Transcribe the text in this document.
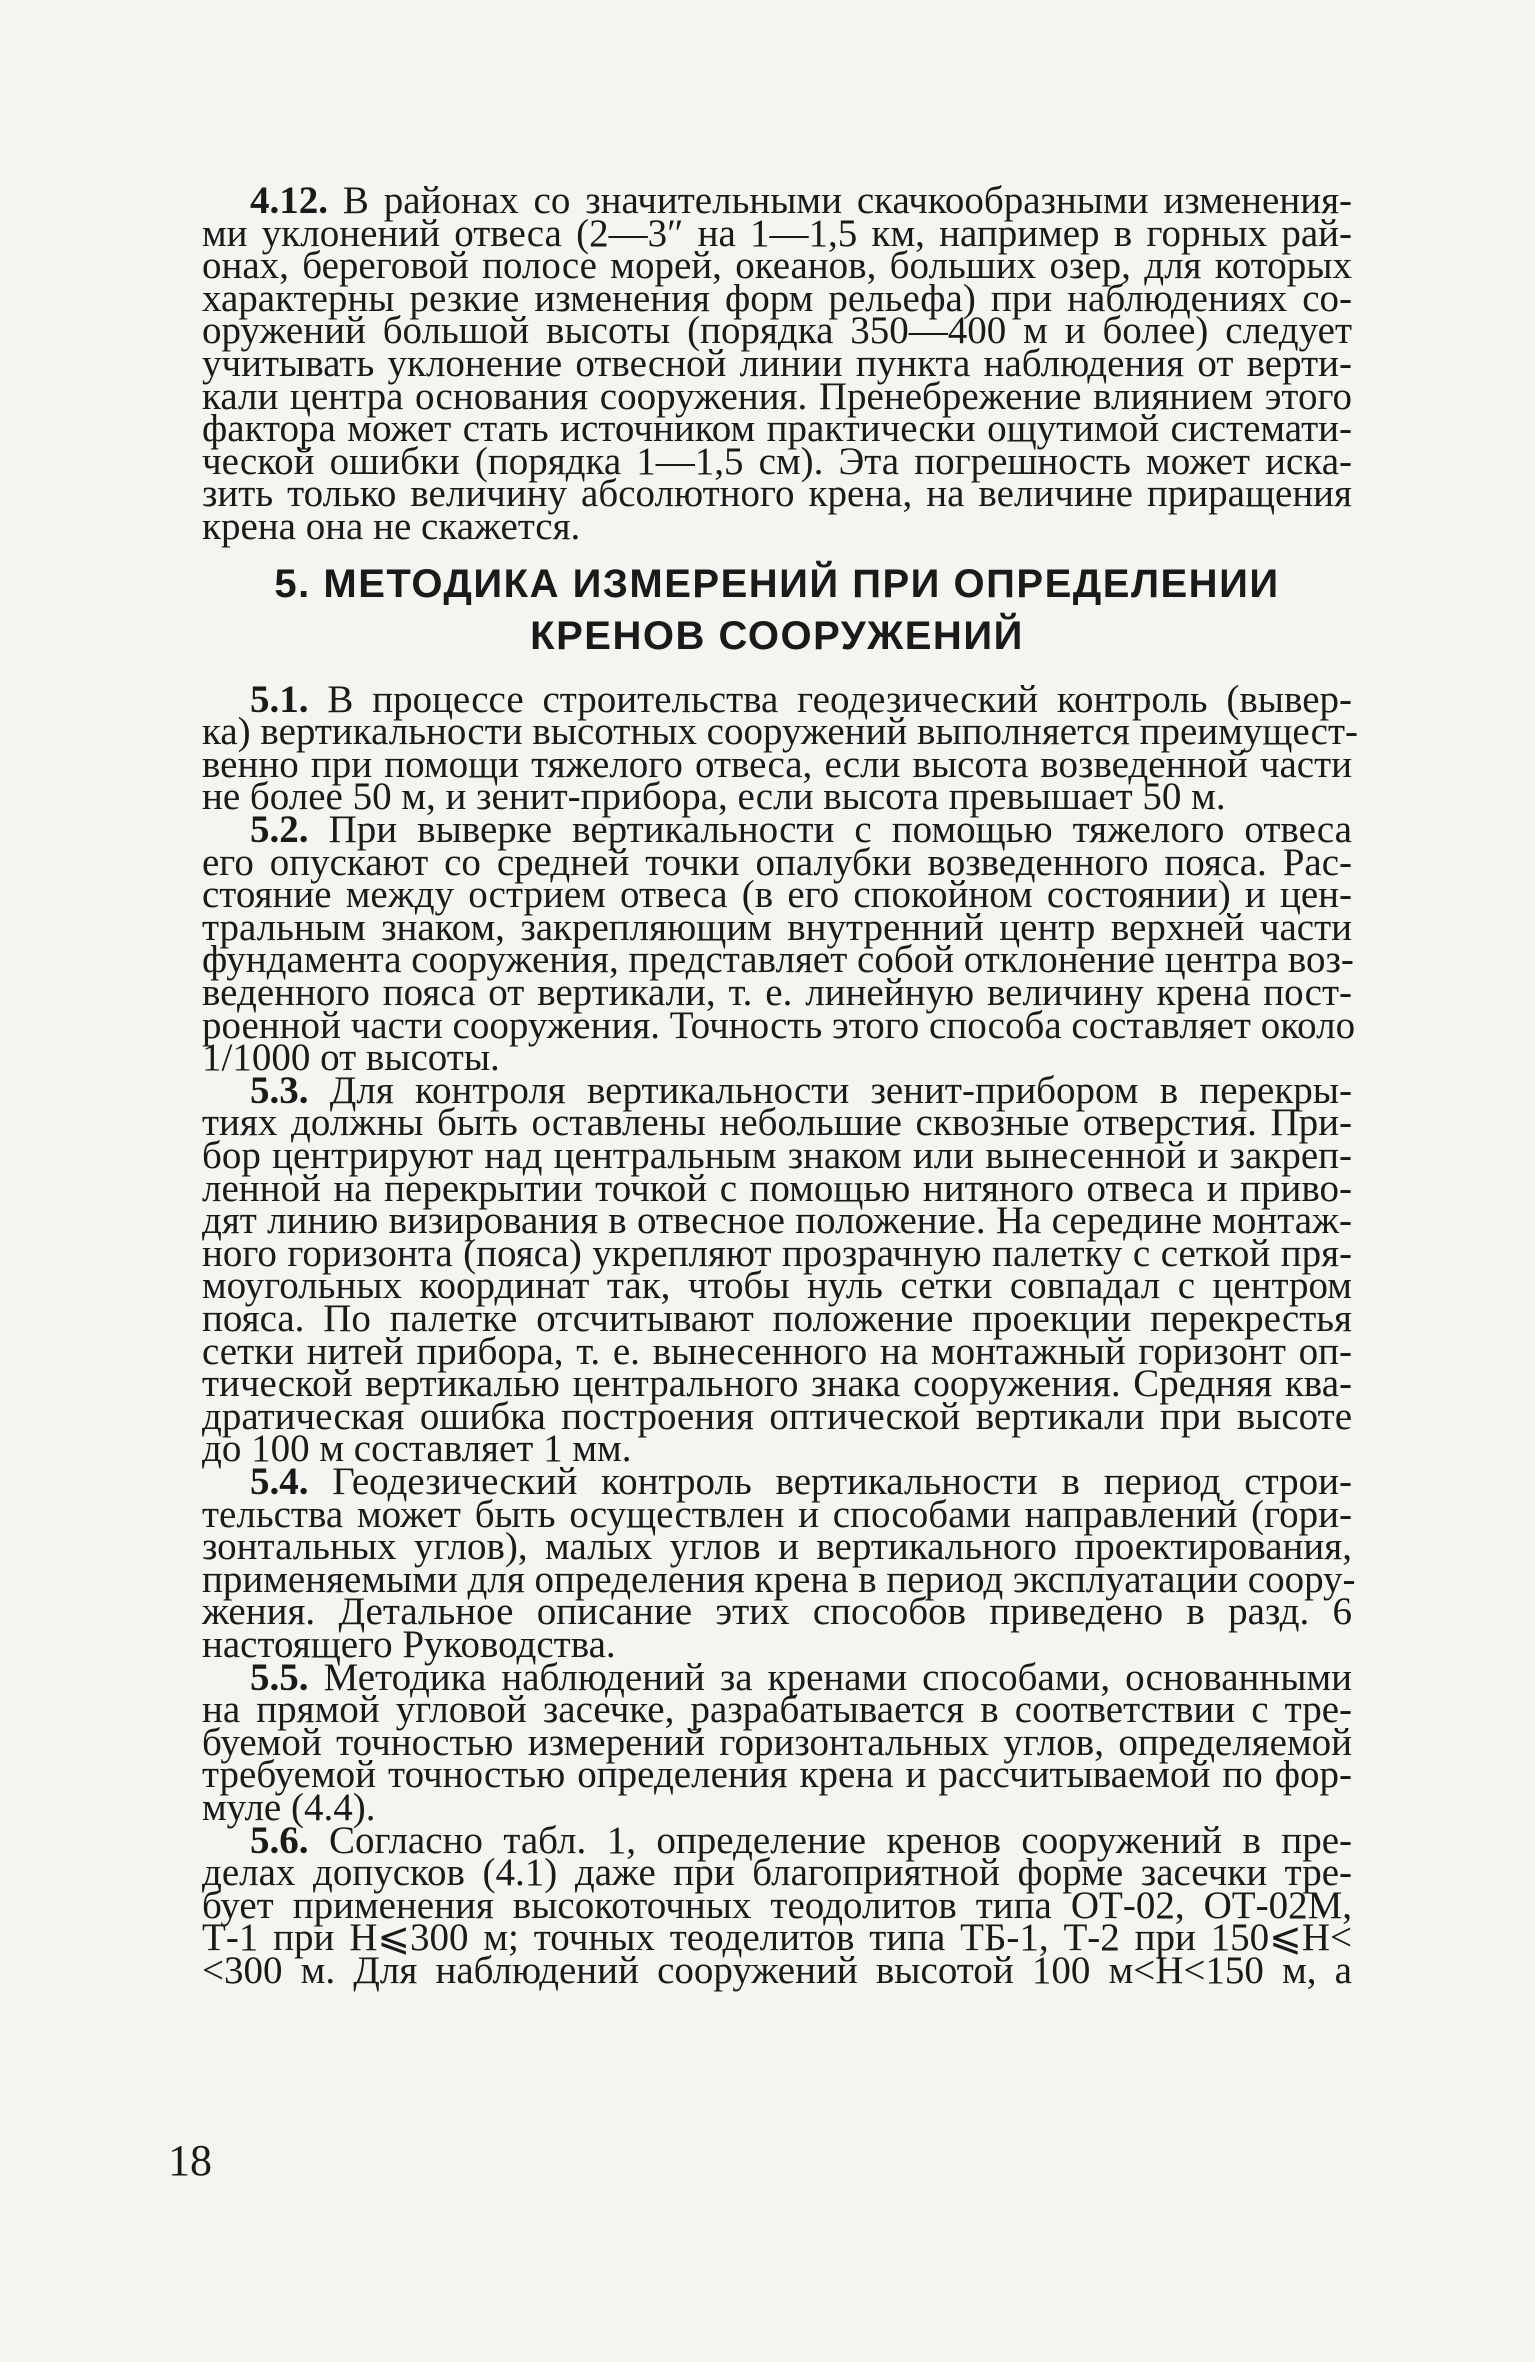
4.12. В районах со значительными скачкообразными изменения-
ми уклонений отвеса (2—3″ на 1—1,5 км, например в горных рай-
онах, береговой полосе морей, океанов, больших озер, для которых
характерны резкие изменения форм рельефа) при наблюдениях со-
оружений большой высоты (порядка 350—400 м и более) следует
учитывать уклонение отвесной линии пункта наблюдения от верти-
кали центра основания сооружения. Пренебрежение влиянием этого
фактора может стать источником практически ощутимой системати-
ческой ошибки (порядка 1—1,5 см). Эта погрешность может иска-
зить только величину абсолютного крена, на величине приращения
крена она не скажется.
5. МЕТОДИКА ИЗМЕРЕНИЙ ПРИ ОПРЕДЕЛЕНИИ
КРЕНОВ СООРУЖЕНИЙ
5.1. В процессе строительства геодезический контроль (вывер-
ка) вертикальности высотных сооружений выполняется преимущест-
венно при помощи тяжелого отвеса, если высота возведенной части
не более 50 м, и зенит-прибора, если высота превышает 50 м.
5.2. При выверке вертикальности с помощью тяжелого отвеса
его опускают со средней точки опалубки возведенного пояса. Рас-
стояние между острием отвеса (в его спокойном состоянии) и цен-
тральным знаком, закрепляющим внутренний центр верхней части
фундамента сооружения, представляет собой отклонение центра воз-
веденного пояса от вертикали, т. е. линейную величину крена пост-
роенной части сооружения. Точность этого способа составляет около
1/1000 от высоты.
5.3. Для контроля вертикальности зенит-прибором в перекры-
тиях должны быть оставлены небольшие сквозные отверстия. При-
бор центрируют над центральным знаком или вынесенной и закреп-
ленной на перекрытии точкой с помощью нитяного отвеса и приво-
дят линию визирования в отвесное положение. На середине монтаж-
ного горизонта (пояса) укрепляют прозрачную палетку с сеткой пря-
моугольных координат так, чтобы нуль сетки совпадал с центром
пояса. По палетке отсчитывают положение проекции перекрестья
сетки нитей прибора, т. е. вынесенного на монтажный горизонт оп-
тической вертикалью центрального знака сооружения. Средняя ква-
дратическая ошибка построения оптической вертикали при высоте
до 100 м составляет 1 мм.
5.4. Геодезический контроль вертикальности в период строи-
тельства может быть осуществлен и способами направлений (гори-
зонтальных углов), малых углов и вертикального проектирования,
применяемыми для определения крена в период эксплуатации соору-
жения. Детальное описание этих способов приведено в разд. 6
настоящего Руководства.
5.5. Методика наблюдений за кренами способами, основанными
на прямой угловой засечке, разрабатывается в соответствии с тре-
буемой точностью измерений горизонтальных углов, определяемой
требуемой точностью определения крена и рассчитываемой по фор-
муле (4.4).
5.6. Согласно табл. 1, определение кренов сооружений в пре-
делах допусков (4.1) даже при благоприятной форме засечки тре-
бует применения высокоточных теодолитов типа ОТ-02, ОТ-02М,
Т-1 при H⩽300 м; точных теоделитов типа ТБ-1, Т-2 при 150⩽H<
<300 м. Для наблюдений сооружений высотой 100 м<H<150 м, а
18
